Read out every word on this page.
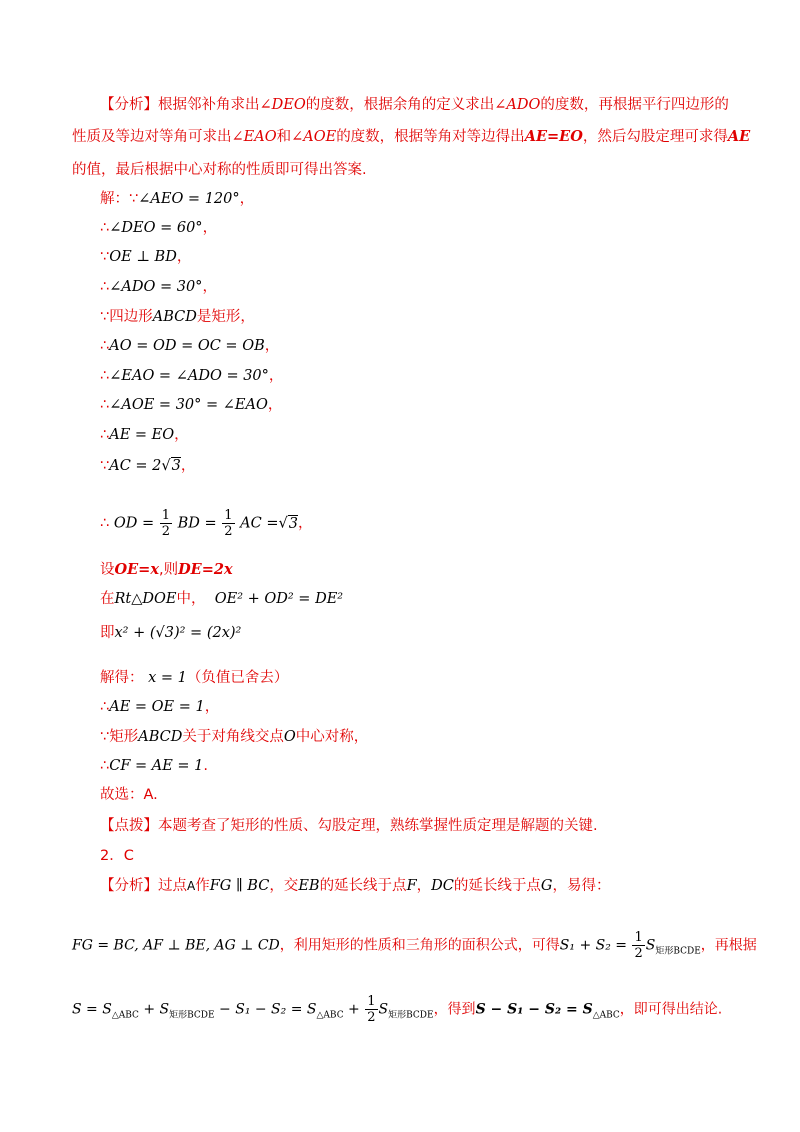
【分析】根据邻补角求出∠DEO的度数，根据余角的定义求出∠ADO的度数，再根据平行四边形的
性质及等边对等角可求出∠EAO和∠AOE的度数，根据等角对等边得出AE=EO，然后勾股定理可求得AE
的值，最后根据中心对称的性质即可得出答案.
解：∵∠AEO = 120°，
∴∠DEO = 60°，
∵OE ⊥ BD，
∴∠ADO = 30°，
∵四边形ABCD是矩形，
∴AO = OD = OC = OB，
∴∠EAO = ∠ADO = 30°，
∴∠AOE = 30° = ∠EAO，
∴AE = EO，
∵AC = 2√3，
∴ OD = $\frac{1}{2}$ BD = $\frac{1}{2}$ AC =√3，
设OE=x,则DE=2x
在Rt△DOE中， OE² + OD² = DE²
即x² + (√3)² = (2x)²
解得： x = 1（负值已舍去）
∴AE = OE = 1，
∵矩形ABCD关于对角线交点O中心对称，
∴CF = AE = 1.
故选：A.
【点拨】本题考查了矩形的性质、勾股定理，熟练掌握性质定理是解题的关键.
2．C
【分析】过点A作FG ∥ BC，交EB的延长线于点F，DC的延长线于点G，易得：
FG = BC, AF ⊥ BE, AG ⊥ CD，利用矩形的性质和三角形的面积公式，可得$S_1 + S_2 = \frac{1}{2} S_{矩形BCDE}$，再根据
$S = S_{\triangle ABC} + S_{矩形BCDE} - S_1 - S_2 = S_{\triangle ABC} + \frac{1}{2} S_{矩形BCDE}$，得到$S - S_1 - S_2 = S_{\triangle ABC}$，即可得出结论.
